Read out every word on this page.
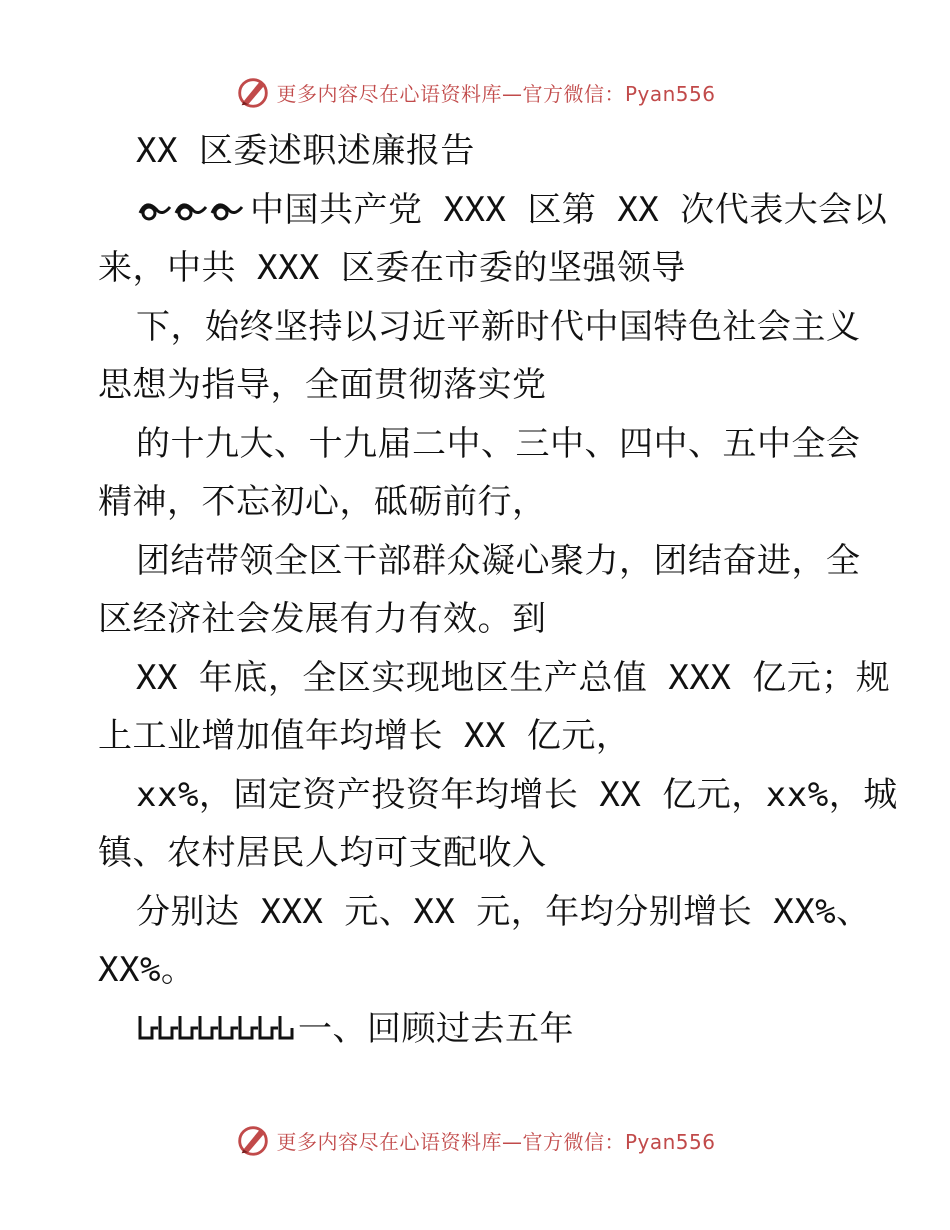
更多内容尽在心语资料库—官方微信：Pyan556
XX 区委述职述廉报告
中国共产党 XXX 区第 XX 次代表大会以
来，中共 XXX 区委在市委的坚强领导
下，始终坚持以习近平新时代中国特色社会主义
思想为指导，全面贯彻落实党
的十九大、十九届二中、三中、四中、五中全会
精神，不忘初心，砥砺前行，
团结带领全区干部群众凝心聚力，团结奋进，全
区经济社会发展有力有效。到
XX 年底，全区实现地区生产总值 XXX 亿元；规
上工业增加值年均增长 XX 亿元，
xx%，固定资产投资年均增长 XX 亿元，xx%，城
镇、农村居民人均可支配收入
分别达 XXX 元、XX 元，年均分别增长 XX%、
XX%。
一、回顾过去五年
更多内容尽在心语资料库—官方微信：Pyan556
